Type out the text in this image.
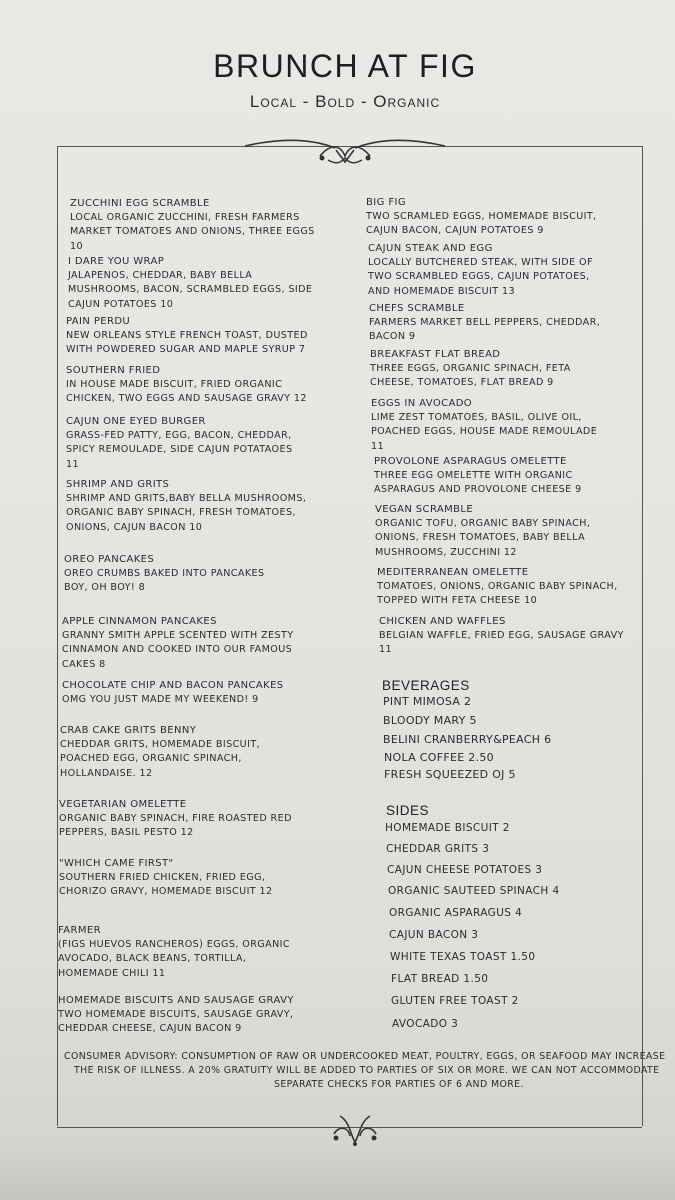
BRUNCH AT FIG
Local - Bold - Organic
ZUCCHINI EGG SCRAMBLE
LOCAL ORGANIC ZUCCHINI, FRESH FARMERS
MARKET TOMATOES AND ONIONS, THREE EGGS
10
I DARE YOU WRAP
JALAPENOS, CHEDDAR, BABY BELLA
MUSHROOMS, BACON, SCRAMBLED EGGS, SIDE
CAJUN POTATOES 10
PAIN PERDU
NEW ORLEANS STYLE FRENCH TOAST, DUSTED
WITH POWDERED SUGAR AND MAPLE SYRUP 7
SOUTHERN FRIED
IN HOUSE MADE BISCUIT, FRIED ORGANIC
CHICKEN, TWO EGGS AND SAUSAGE GRAVY 12
CAJUN ONE EYED BURGER
GRASS-FED PATTY, EGG, BACON, CHEDDAR,
SPICY REMOULADE, SIDE CAJUN POTATAOES
11
SHRIMP AND GRITS
SHRIMP AND GRITS,BABY BELLA MUSHROOMS,
ORGANIC BABY SPINACH, FRESH TOMATOES,
ONIONS, CAJUN BACON 10
OREO PANCAKES
OREO CRUMBS BAKED INTO PANCAKES
BOY, OH BOY! 8
APPLE CINNAMON PANCAKES
GRANNY SMITH APPLE SCENTED WITH ZESTY
CINNAMON AND COOKED INTO OUR FAMOUS
CAKES 8
CHOCOLATE CHIP AND BACON PANCAKES
OMG YOU JUST MADE MY WEEKEND! 9
CRAB CAKE GRITS BENNY
CHEDDAR GRITS, HOMEMADE BISCUIT,
POACHED EGG, ORGANIC SPINACH,
HOLLANDAISE. 12
VEGETARIAN OMELETTE
ORGANIC BABY SPINACH, FIRE ROASTED RED
PEPPERS, BASIL PESTO 12
"WHICH CAME FIRST"
SOUTHERN FRIED CHICKEN, FRIED EGG,
CHORIZO GRAVY, HOMEMADE BISCUIT 12
FARMER
(FIGS HUEVOS RANCHEROS) EGGS, ORGANIC
AVOCADO, BLACK BEANS, TORTILLA,
HOMEMADE CHILI 11
HOMEMADE BISCUITS AND SAUSAGE GRAVY
TWO HOMEMADE BISCUITS, SAUSAGE GRAVY,
CHEDDAR CHEESE, CAJUN BACON 9
BIG FIG
TWO SCRAMLED EGGS, HOMEMADE BISCUIT,
CAJUN BACON, CAJUN POTATOES 9
CAJUN STEAK AND EGG
LOCALLY BUTCHERED STEAK, WITH SIDE OF
TWO SCRAMBLED EGGS, CAJUN POTATOES,
AND HOMEMADE BISCUIT 13
CHEFS SCRAMBLE
FARMERS MARKET BELL PEPPERS, CHEDDAR,
BACON 9
BREAKFAST FLAT BREAD
THREE EGGS, ORGANIC SPINACH, FETA
CHEESE, TOMATOES, FLAT BREAD 9
EGGS IN AVOCADO
LIME ZEST TOMATOES, BASIL, OLIVE OIL,
POACHED EGGS, HOUSE MADE REMOULADE
11
PROVOLONE ASPARAGUS OMELETTE
THREE EGG OMELETTE WITH ORGANIC
ASPARAGUS AND PROVOLONE CHEESE 9
VEGAN SCRAMBLE
ORGANIC TOFU, ORGANIC BABY SPINACH,
ONIONS, FRESH TOMATOES, BABY BELLA
MUSHROOMS, ZUCCHINI 12
MEDITERRANEAN OMELETTE
TOMATOES, ONIONS, ORGANIC BABY SPINACH,
TOPPED WITH FETA CHEESE 10
CHICKEN AND WAFFLES
BELGIAN WAFFLE, FRIED EGG, SAUSAGE GRAVY
11
BEVERAGES
PINT MIMOSA 2
BLOODY MARY 5
BELINI CRANBERRY&PEACH 6
NOLA COFFEE 2.50
FRESH SQUEEZED OJ 5
SIDES
HOMEMADE BISCUIT 2
CHEDDAR GRITS 3
CAJUN CHEESE POTATOES 3
ORGANIC SAUTEED SPINACH 4
ORGANIC ASPARAGUS 4
CAJUN BACON 3
WHITE TEXAS TOAST 1.50
FLAT BREAD 1.50
GLUTEN FREE TOAST 2
AVOCADO 3
CONSUMER ADVISORY: CONSUMPTION OF RAW OR UNDERCOOKED MEAT, POULTRY, EGGS, OR SEAFOOD MAY INCREASE
THE RISK OF ILLNESS. A 20% GRATUITY WILL BE ADDED TO PARTIES OF SIX OR MORE. WE CAN NOT ACCOMMODATE
SEPARATE CHECKS FOR PARTIES OF 6 AND MORE.
